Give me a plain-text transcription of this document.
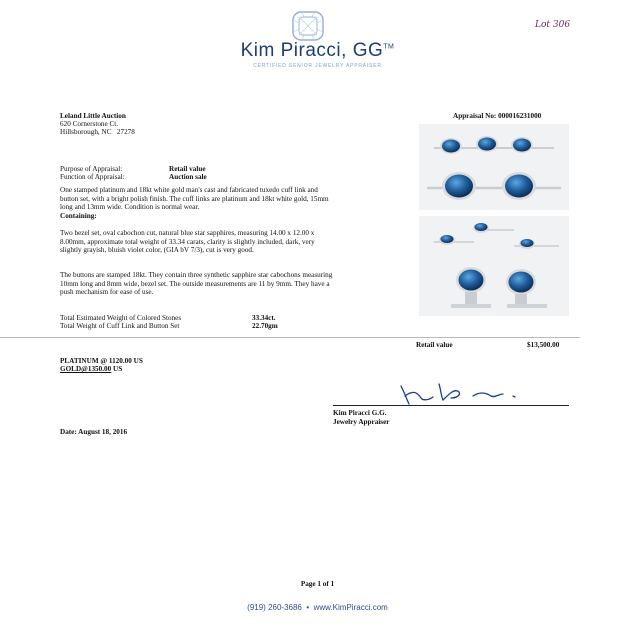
Kim Piracci, GG™
CERTIFIED SENIOR JEWELRY APPRAISER
Lot 306
Leland Little Auction
620 Cornerstone Ct.
Hillsborough, NC   27278
Appraisal No: 000016231000
Purpose of Appraisal:	Retail value
Function of Appraisal:	Auction sale
One stamped platinum and 18kt white gold man's cast and fabricated tuxedo cuff link and
button set, with a bright polish finish. The cuff links are platinum and 18kt white gold, 15mm
long and 13mm wide. Condition is normal wear.
Containing:
Two bezel set, oval cabochon cut, natural blue star sapphires, measuring 14.00 x 12.00 x
8.00mm, approximate total weight of 33.34 carats, clarity is slightly included, dark, very
slightly grayish, bluish violet color, (GIA bV 7/3), cut is very good.
The buttons are stamped 18kt. They contain three synthetic sapphire star cabochons measuring
10mm long and 8mm wide, bezel set. The outside measurements are 11 by 9mm. They have a
push mechanism for ease of use.
Total Estimated Weight of Colored Stones	33.34ct.
Total Weight of Cuff Link and Button Set	22.70gm
Retail value	$13,500.00
PLATINUM @ 1120.00 US
GOLD@1350.00 US
Kim Piracci G.G.
Jewelry Appraiser
Date: August 18, 2016
Page 1 of 1
(919) 260-3686  •  www.KimPiracci.com
